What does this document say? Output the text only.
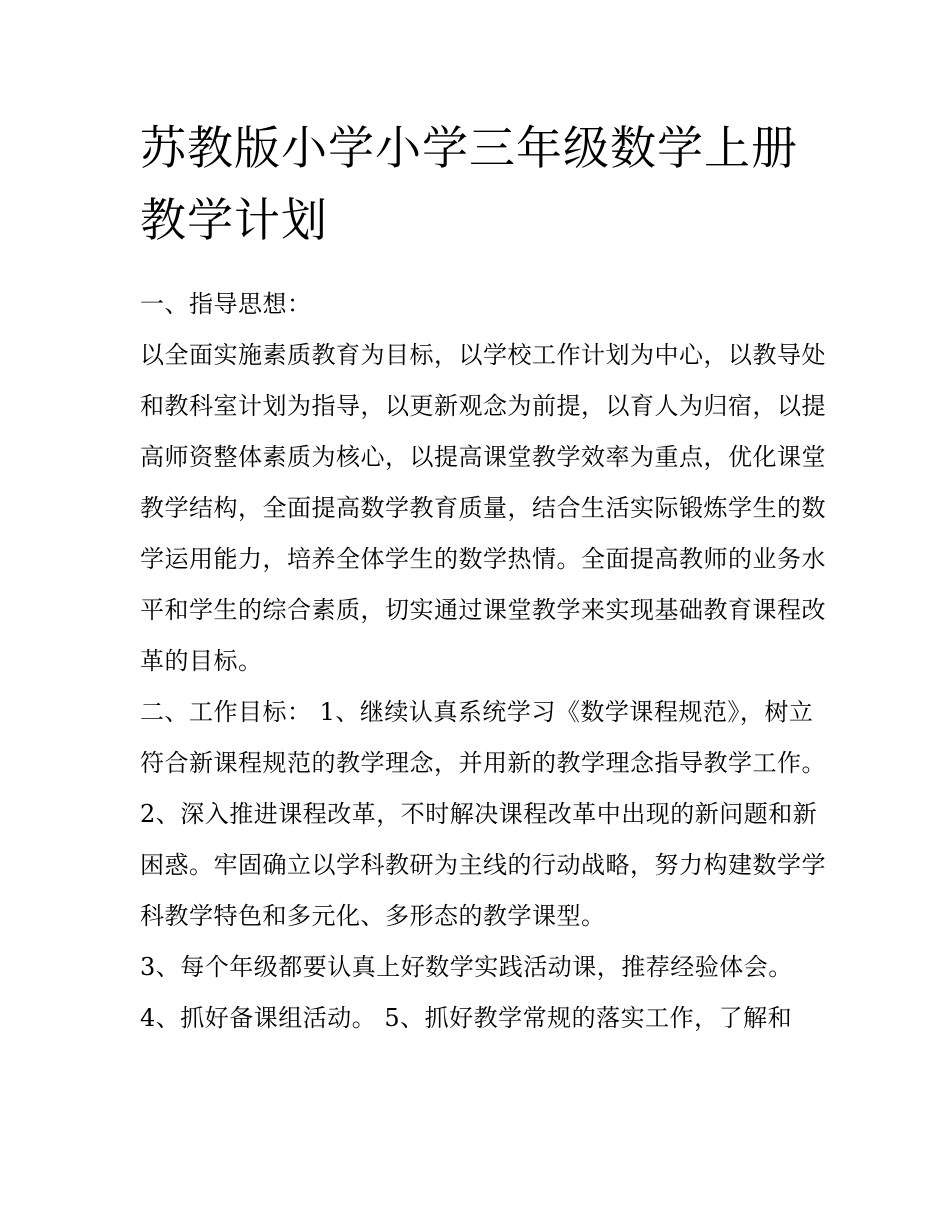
苏教版小学小学三年级数学上册教学计划

一、指导思想：

以全面实施素质教育为目标，以学校工作计划为中心，以教导处和教科室计划为指导，以更新观念为前提，以育人为归宿，以提高师资整体素质为核心，以提高课堂教学效率为重点，优化课堂教学结构，全面提高数学教育质量，结合生活实际锻炼学生的数学运用能力，培养全体学生的数学热情。全面提高教师的业务水平和学生的综合素质，切实通过课堂教学来实现基础教育课程改革的目标。

二、工作目标： 1、继续认真系统学习《数学课程规范》，树立符合新课程规范的教学理念，并用新的教学理念指导教学工作。

2、深入推进课程改革，不时解决课程改革中出现的新问题和新困惑。牢固确立以学科教研为主线的行动战略，努力构建数学学科教学特色和多元化、多形态的教学课型。

3、每个年级都要认真上好数学实践活动课，推荐经验体会。

4、抓好备课组活动。 5、抓好教学常规的落实工作，了解和
